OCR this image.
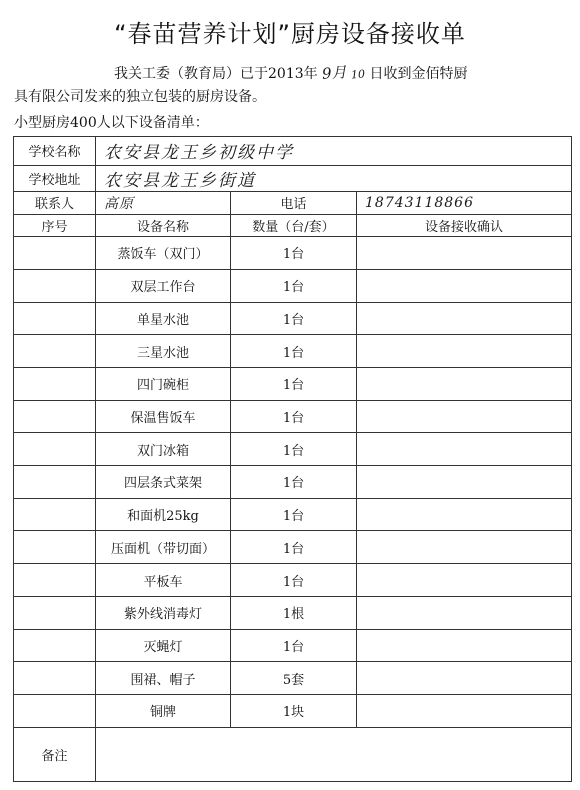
“春苗营养计划”厨房设备接收单
我关工委（教育局）已于2013年 9月 10 日收到金佰特厨
具有限公司发来的独立包装的厨房设备。
小型厨房400人以下设备清单：
学校名称	农安县龙王乡初级中学		
学校地址	农安县龙王乡街道		
联系人	高原	电话	18743118866
序号	设备名称	数量（台/套）	设备接收确认
	蒸饭车（双门）	1台	
	双层工作台	1台	
	单星水池	1台	
	三星水池	1台	
	四门碗柜	1台	
	保温售饭车	1台	
	双门冰箱	1台	
	四层条式菜架	1台	
	和面机25kg	1台	
	压面机（带切面）	1台	
	平板车	1台	
	紫外线消毒灯	1根	
	灭蝇灯	1台	
	围裙、帽子	5套	
	铜牌	1块	
备注			
